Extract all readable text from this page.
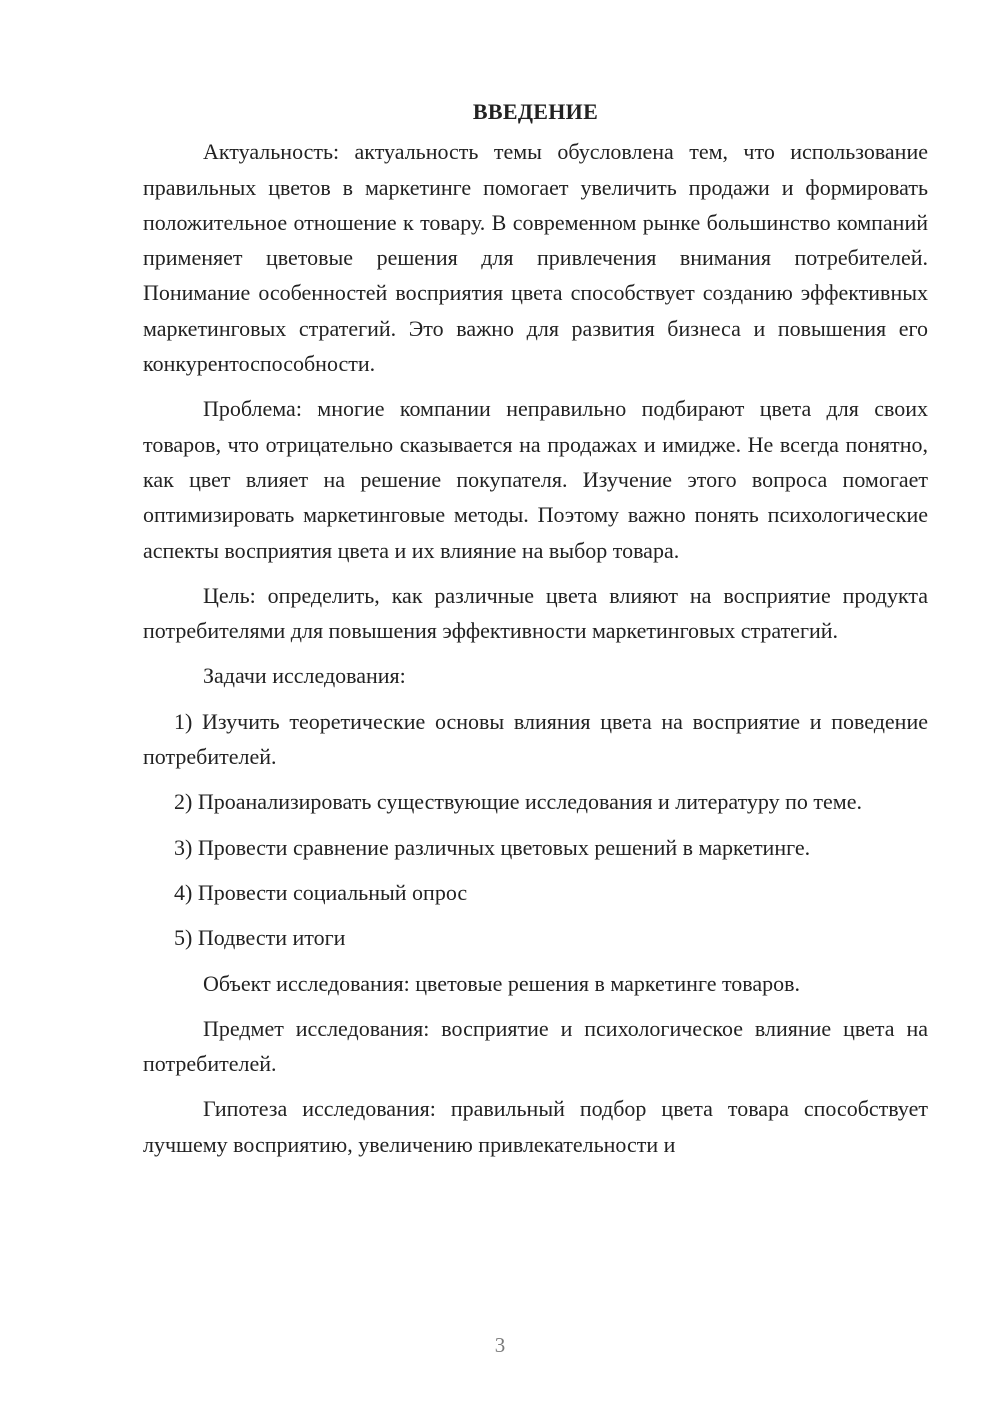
ВВЕДЕНИЕ

Актуальность: актуальность темы обусловлена тем, что использование правильных цветов в маркетинге помогает увеличить продажи и формировать положительное отношение к товару. В современном рынке большинство компаний применяет цветовые решения для привлечения внимания потребителей. Понимание особенностей восприятия цвета способствует созданию эффективных маркетинговых стратегий. Это важно для развития бизнеса и повышения его конкурентоспособности.

Проблема: многие компании неправильно подбирают цвета для своих товаров, что отрицательно сказывается на продажах и имидже. Не всегда понятно, как цвет влияет на решение покупателя. Изучение этого вопроса помогает оптимизировать маркетинговые методы. Поэтому важно понять психологические аспекты восприятия цвета и их влияние на выбор товара.

Цель: определить, как различные цвета влияют на восприятие продукта потребителями для повышения эффективности маркетинговых стратегий.

Задачи исследования:

1) Изучить теоретические основы влияния цвета на восприятие и поведение потребителей.

2) Проанализировать существующие исследования и литературу по теме.

3) Провести сравнение различных цветовых решений в маркетинге.

4) Провести социальный опрос

5) Подвести итоги

Объект исследования: цветовые решения в маркетинге товаров.

Предмет исследования: восприятие и психологическое влияние цвета на потребителей.

Гипотеза исследования: правильный подбор цвета товара способствует лучшему восприятию, увеличению привлекательности и

3
